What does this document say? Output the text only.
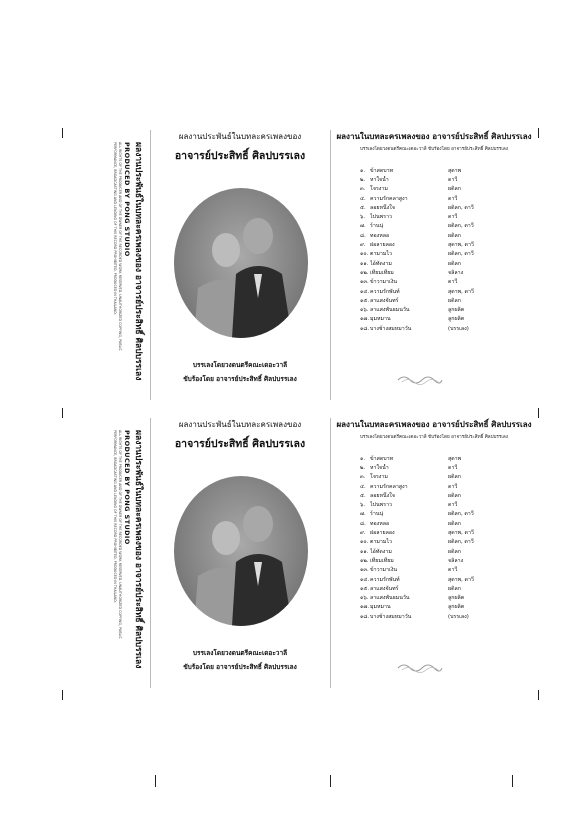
ผลงานประพันธ์ในบทละครเพลงของ อาจารย์ประสิทธิ์ ศิลปบรรเลง
PRODUCED BY PONG STUDIO
ALL RIGHTS OF THE PRODUCER AND OF THE OWNER OF THE RECORDED WORK RESERVED. UNAUTHORIZED COPYING, PUBLIC
PERFORMANCE, BROADCASTING AND LENDING OF THIS RECORD PROHIBITED. PRODUCED IN THAILAND.
ผลงานประพันธ์ในบทละครเพลงของ
อาจารย์ประสิทธิ์ ศิลปบรรเลง
บรรเลงโดยวงดนตรีคณะเดอะวาลี
ขับร้องโดย อาจารย์ประสิทธิ์ ศิลปบรรเลง
ผลงานในบทละครเพลงของ อาจารย์ประสิทธิ์ ศิลปบรรเลง
บรรเลงโดยวงดนตรีคณะเดอะวาลี ขับร้องโดย อาจารย์ประสิทธิ์ ศิลปบรรเลง
๑. ข้าสดบาท	สุดาพ
๒. หาใจน้ำ	ดาวี
๓. โจรงาม	ผดิลก
๔. ความรักคลาสูงา	ดาวี
๕. ลอยหนึ่งใจ	ผดิลก, ดาวี
๖. ไปนพราว	ดาวี
๗. ร้านนุ่	ผดิลก, ดาวี
๘. ทองหลอ	ผดิลก
๙. ฝอลายลอง	สุดาพ, ดาวี
๑๐. ตามามไว	ผดิลก, ดาวี
๑๑. ไอ้ทัดงาม	ผดิลก
๑๒. เทียมเทียม	จลิลาง
๑๓. ข้าวามาเงิน	ดาวี
๑๔. ความรักพันท์	สุดาพ, ดาวี
๑๕. ลาแสงจันทร์	ผดิลก
๑๖. ลาแสงพันธมนวัน	ลูกผลิต
๑๗. มุมหมาน	ลูกผลิต
๑๘. บางช้างสมหมาวัน	(บรรเลง)
ผลงานประพันธ์ในบทละครเพลงของ อาจารย์ประสิทธิ์ ศิลปบรรเลง
PRODUCED BY PONG STUDIO
ALL RIGHTS OF THE PRODUCER AND OF THE OWNER OF THE RECORDED WORK RESERVED. UNAUTHORIZED COPYING, PUBLIC
PERFORMANCE, BROADCASTING AND LENDING OF THIS RECORD PROHIBITED. PRODUCED IN THAILAND.
ผลงานประพันธ์ในบทละครเพลงของ
อาจารย์ประสิทธิ์ ศิลปบรรเลง
บรรเลงโดยวงดนตรีคณะเดอะวาลี
ขับร้องโดย อาจารย์ประสิทธิ์ ศิลปบรรเลง
ผลงานในบทละครเพลงของ อาจารย์ประสิทธิ์ ศิลปบรรเลง
บรรเลงโดยวงดนตรีคณะเดอะวาลี ขับร้องโดย อาจารย์ประสิทธิ์ ศิลปบรรเลง
๑. ข้าสดบาท	สุดาพ
๒. หาใจน้ำ	ดาวี
๓. โจรงาม	ผดิลก
๔. ความรักคลาสูงา	ดาวี
๕. ลอยหนึ่งใจ	ผดิลก
๖. ไปนพราว	ดาวี
๗. ร้านนุ่	ผดิลก, ดาวี
๘. ทองหลอ	ผดิลก
๙. ฝอลายลอง	สุดาพ, ดาวี
๑๐. ตามามไว	ผดิลก, ดาวี
๑๑. ไอ้ทัดงาม	ผดิลก
๑๒. เทียมเทียม	จลิลาง
๑๓. ข้าวามาเงิน	ดาวี
๑๔. ความรักพันท์	สุดาพ, ดาวี
๑๕. ลาแสงจันทร์	ผดิลก
๑๖. ลาแสงพันธมนวัน	ลูกผลิต
๑๗. มุมหมาน	ลูกผลิต
๑๘. บางช้างสมหมาวัน	(บรรเลง)
